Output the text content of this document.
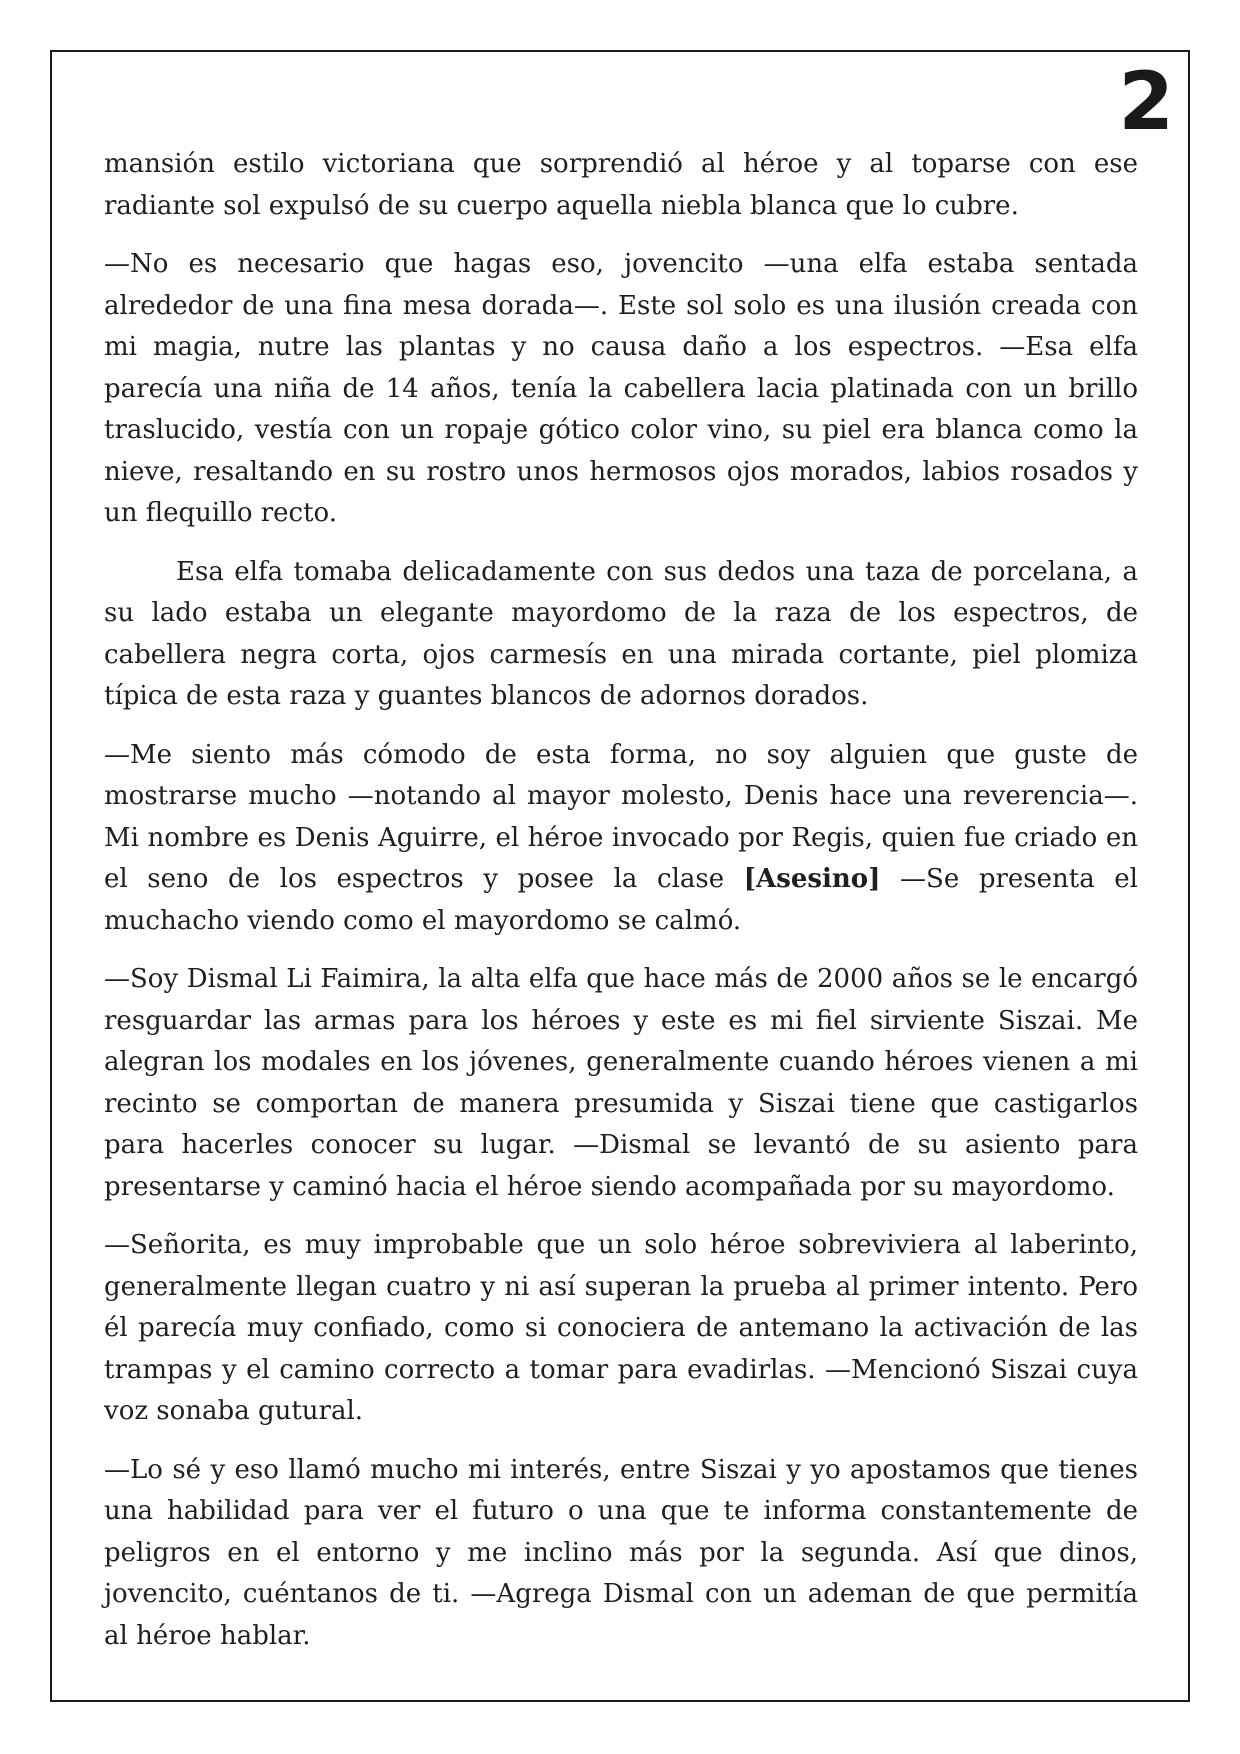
2

mansión estilo victoriana que sorprendió al héroe y al toparse con ese radiante sol expulsó de su cuerpo aquella niebla blanca que lo cubre.

—No es necesario que hagas eso, jovencito —una elfa estaba sentada alrededor de una fina mesa dorada—. Este sol solo es una ilusión creada con mi magia, nutre las plantas y no causa daño a los espectros. —Esa elfa parecía una niña de 14 años, tenía la cabellera lacia platinada con un brillo traslucido, vestía con un ropaje gótico color vino, su piel era blanca como la nieve, resaltando en su rostro unos hermosos ojos morados, labios rosados y un flequillo recto.

Esa elfa tomaba delicadamente con sus dedos una taza de porcelana, a su lado estaba un elegante mayordomo de la raza de los espectros, de cabellera negra corta, ojos carmesís en una mirada cortante, piel plomiza típica de esta raza y guantes blancos de adornos dorados.

—Me siento más cómodo de esta forma, no soy alguien que guste de mostrarse mucho —notando al mayor molesto, Denis hace una reverencia—. Mi nombre es Denis Aguirre, el héroe invocado por Regis, quien fue criado en el seno de los espectros y posee la clase [Asesino] —Se presenta el muchacho viendo como el mayordomo se calmó.

—Soy Dismal Li Faimira, la alta elfa que hace más de 2000 años se le encargó resguardar las armas para los héroes y este es mi fiel sirviente Siszai. Me alegran los modales en los jóvenes, generalmente cuando héroes vienen a mi recinto se comportan de manera presumida y Siszai tiene que castigarlos para hacerles conocer su lugar. —Dismal se levantó de su asiento para presentarse y caminó hacia el héroe siendo acompañada por su mayordomo.

—Señorita, es muy improbable que un solo héroe sobreviviera al laberinto, generalmente llegan cuatro y ni así superan la prueba al primer intento. Pero él parecía muy confiado, como si conociera de antemano la activación de las trampas y el camino correcto a tomar para evadirlas. —Mencionó Siszai cuya voz sonaba gutural.

—Lo sé y eso llamó mucho mi interés, entre Siszai y yo apostamos que tienes una habilidad para ver el futuro o una que te informa constantemente de peligros en el entorno y me inclino más por la segunda. Así que dinos, jovencito, cuéntanos de ti. —Agrega Dismal con un ademan de que permitía al héroe hablar.
